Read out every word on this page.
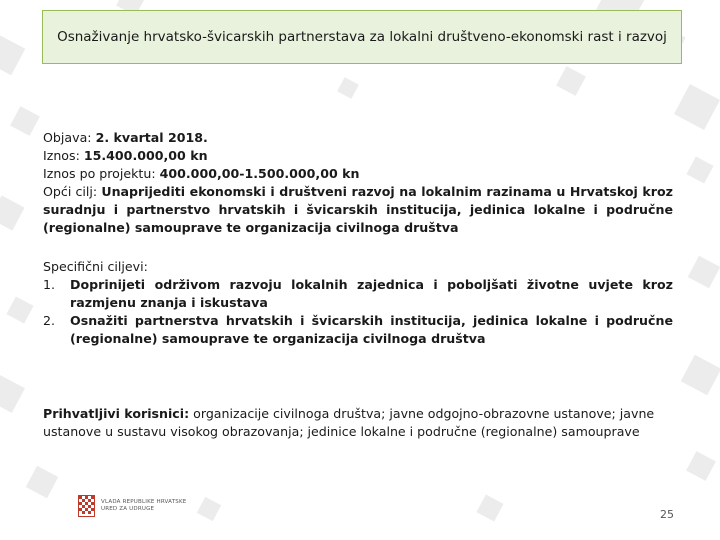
Osnaživanje hrvatsko-švicarskih partnerstava za lokalni društveno-ekonomski rast i razvoj
Objava: 2. kvartal 2018.
Iznos: 15.400.000,00 kn
Iznos po projektu: 400.000,00-1.500.000,00 kn
Opći cilj: Unaprijediti ekonomski i društveni razvoj na lokalnim razinama u Hrvatskoj kroz suradnju i partnerstvo hrvatskih i švicarskih institucija, jedinica lokalne i područne (regionalne) samouprave te organizacija civilnoga društva
Specifični ciljevi:
1. Doprinijeti održivom razvoju lokalnih zajednica i poboljšati životne uvjete kroz razmjenu znanja i iskustava
2. Osnažiti partnerstva hrvatskih i švicarskih institucija, jedinica lokalne i područne (regionalne) samouprave te organizacija civilnoga društva
Prihvatljivi korisnici: organizacije civilnoga društva; javne odgojno-obrazovne ustanove; javne ustanove u sustavu visokog obrazovanja; jedinice lokalne i područne (regionalne) samouprave
VLADA REPUBLIKE HRVATSKE
URED ZA UDRUGE	25
